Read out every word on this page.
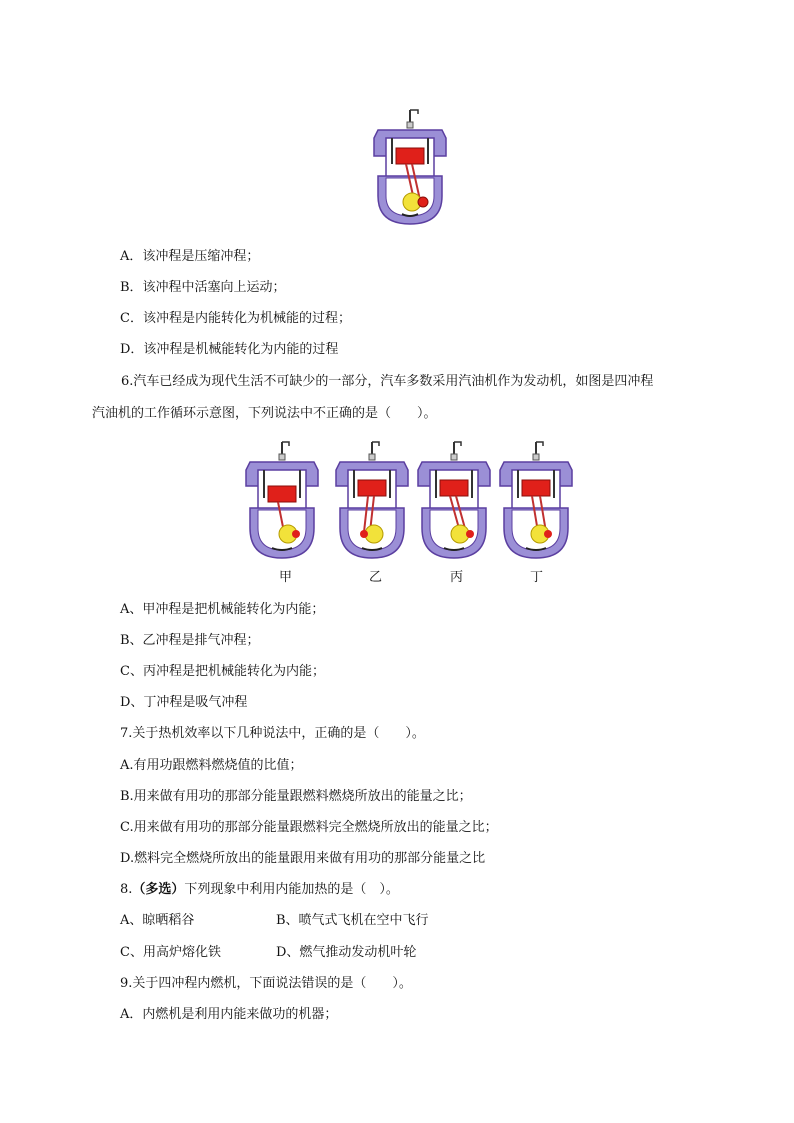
A．该冲程是压缩冲程；
B．该冲程中活塞向上运动；
C．该冲程是内能转化为机械能的过程；
D．该冲程是机械能转化为内能的过程
6.汽车已经成为现代生活不可缺少的一部分，汽车多数采用汽油机作为发动机，如图是四冲程
汽油机的工作循环示意图，下列说法中不正确的是（　　）。
甲	乙	丙	丁
A、甲冲程是把机械能转化为内能；
B、乙冲程是排气冲程；
C、丙冲程是把机械能转化为内能；
D、丁冲程是吸气冲程
7.关于热机效率以下几种说法中，正确的是（　　）。
A.有用功跟燃料燃烧值的比值；
B.用来做有用功的那部分能量跟燃料燃烧所放出的能量之比；
C.用来做有用功的那部分能量跟燃料完全燃烧所放出的能量之比；
D.燃料完全燃烧所放出的能量跟用来做有用功的那部分能量之比
8.（多选）下列现象中利用内能加热的是（　）。
A、晾晒稻谷	B、喷气式飞机在空中飞行
C、用高炉熔化铁	D、燃气推动发动机叶轮
9.关于四冲程内燃机，下面说法错误的是（　　）。
A．内燃机是利用内能来做功的机器；
